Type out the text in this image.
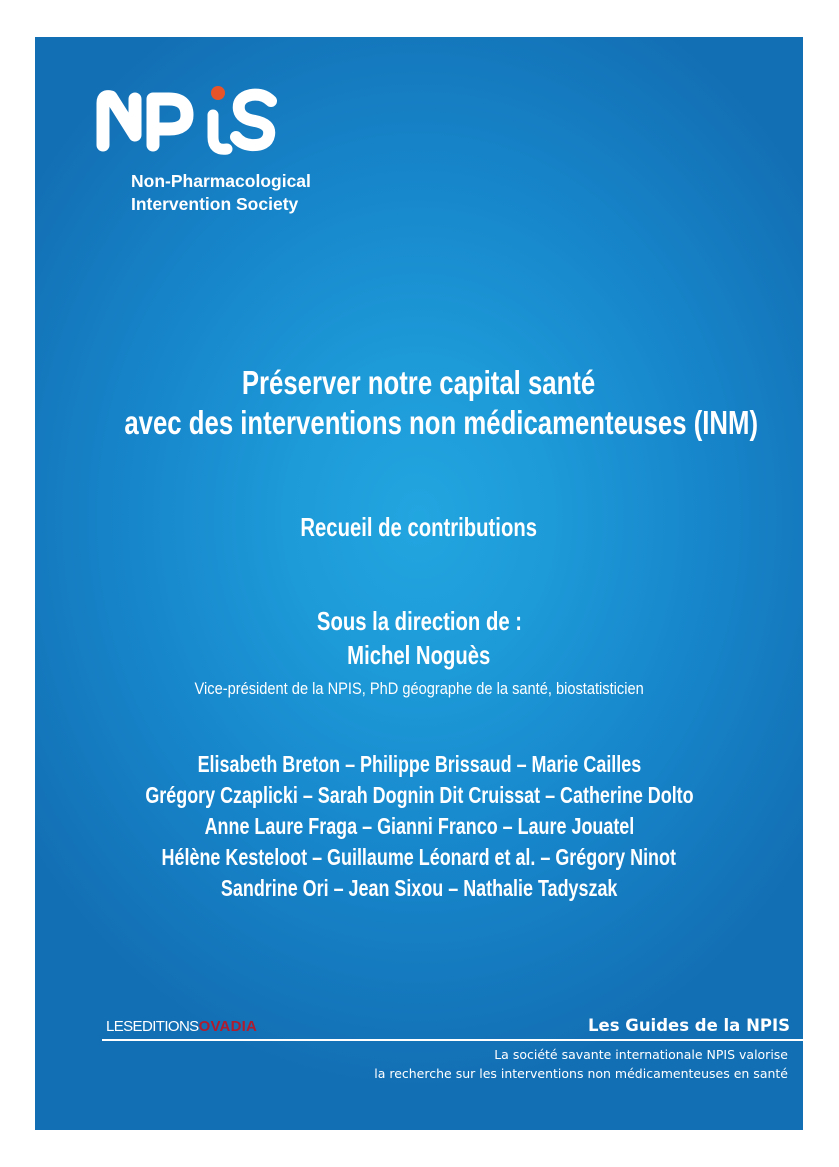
Non-Pharmacological
Intervention Society
Préserver notre capital santé
avec des interventions non médicamenteuses (INM)
Recueil de contributions
Sous la direction de :
Michel Noguès
Vice-président de la NPIS, PhD géographe de la santé, biostatisticien
Elisabeth Breton – Philippe Brissaud – Marie Cailles
Grégory Czaplicki – Sarah Dognin Dit Cruissat – Catherine Dolto
Anne Laure Fraga – Gianni Franco – Laure Jouatel
Hélène Kesteloot – Guillaume Léonard et al. – Grégory Ninot
Sandrine Ori – Jean Sixou – Nathalie Tadyszak
LESEDITIONSOVADIA	Les Guides de la NPIS
La société savante internationale NPIS valorise
la recherche sur les interventions non médicamenteuses en santé
